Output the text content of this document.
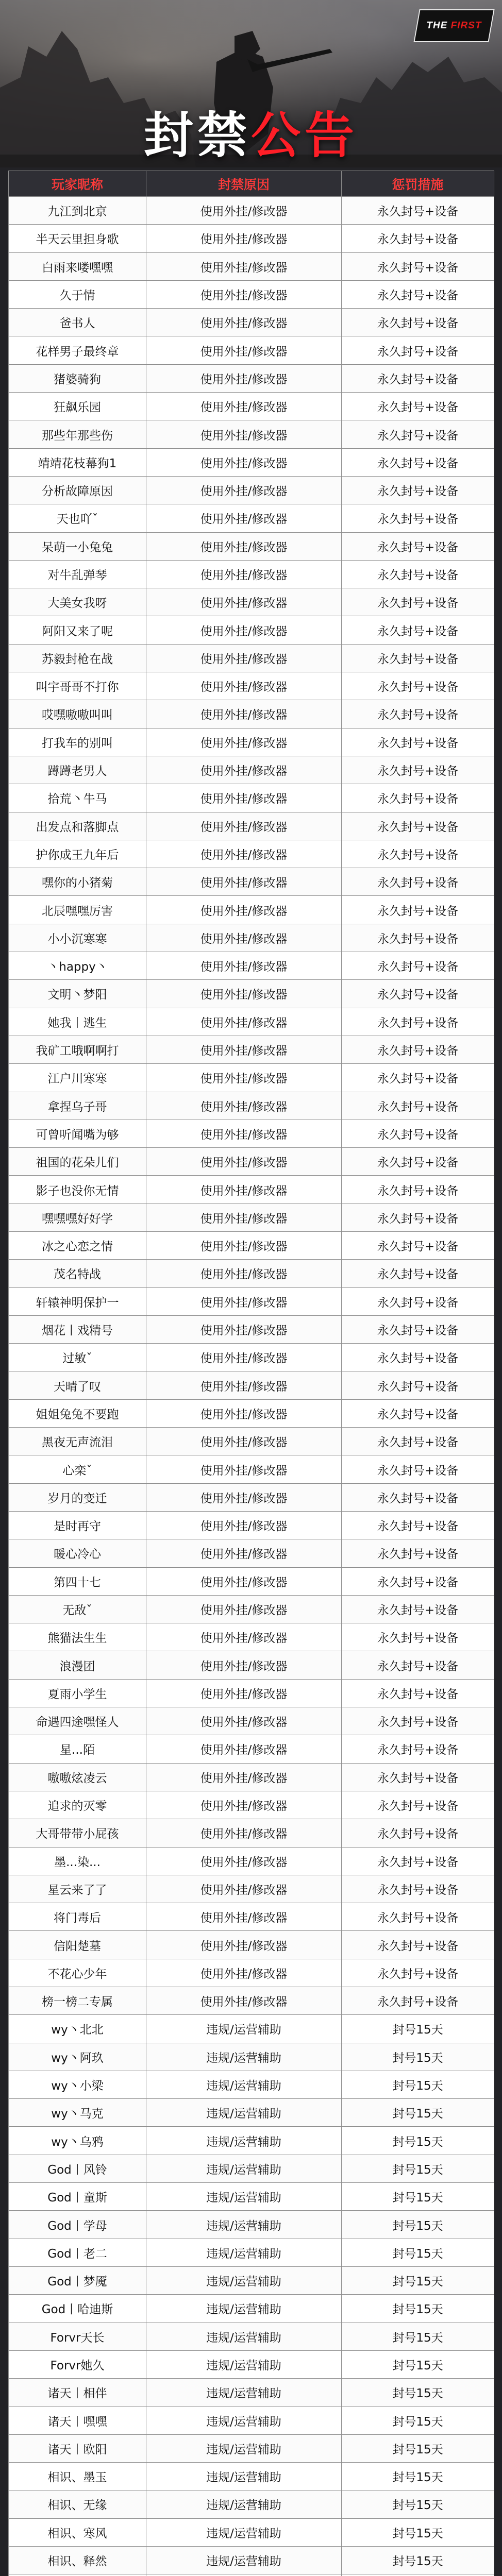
THE FIRST
封禁公告
玩家昵称	封禁原因	惩罚措施
九江到北京	使用外挂/修改器	永久封号+设备
半天云里担身歌	使用外挂/修改器	永久封号+设备
白雨来喽嘿嘿	使用外挂/修改器	永久封号+设备
久于情	使用外挂/修改器	永久封号+设备
爸书人	使用外挂/修改器	永久封号+设备
花样男子最终章	使用外挂/修改器	永久封号+设备
猪婆骑狗	使用外挂/修改器	永久封号+设备
狂飙乐园	使用外挂/修改器	永久封号+设备
那些年那些伤	使用外挂/修改器	永久封号+设备
靖靖花枝幕狗1	使用外挂/修改器	永久封号+设备
分析故障原因	使用外挂/修改器	永久封号+设备
天也吖ˇ	使用外挂/修改器	永久封号+设备
呆萌一小兔兔	使用外挂/修改器	永久封号+设备
对牛乱弹琴	使用外挂/修改器	永久封号+设备
大美女我呀	使用外挂/修改器	永久封号+设备
阿阳又来了呢	使用外挂/修改器	永久封号+设备
苏毅封枪在战	使用外挂/修改器	永久封号+设备
叫宇哥哥不打你	使用外挂/修改器	永久封号+设备
哎嘿嗷嗷叫叫	使用外挂/修改器	永久封号+设备
打我车的别叫	使用外挂/修改器	永久封号+设备
蹲蹲老男人	使用外挂/修改器	永久封号+设备
拾荒丶牛马	使用外挂/修改器	永久封号+设备
出发点和落脚点	使用外挂/修改器	永久封号+设备
护你成王九年后	使用外挂/修改器	永久封号+设备
嘿你的小猪菊	使用外挂/修改器	永久封号+设备
北辰嘿嘿厉害	使用外挂/修改器	永久封号+设备
小小沉寒寒	使用外挂/修改器	永久封号+设备
丶happy丶	使用外挂/修改器	永久封号+设备
文明丶梦阳	使用外挂/修改器	永久封号+设备
她我丨逃生	使用外挂/修改器	永久封号+设备
我矿工哦啊啊打	使用外挂/修改器	永久封号+设备
江户川寒寒	使用外挂/修改器	永久封号+设备
拿捏乌子哥	使用外挂/修改器	永久封号+设备
可曾听闻嘴为够	使用外挂/修改器	永久封号+设备
祖国的花朵儿们	使用外挂/修改器	永久封号+设备
影子也没你无情	使用外挂/修改器	永久封号+设备
嘿嘿嘿好好学	使用外挂/修改器	永久封号+设备
冰之心恋之情	使用外挂/修改器	永久封号+设备
茂名特战	使用外挂/修改器	永久封号+设备
轩辕神明保护一	使用外挂/修改器	永久封号+设备
烟花丨戏精号	使用外挂/修改器	永久封号+设备
过敏ˇ	使用外挂/修改器	永久封号+设备
天晴了叹	使用外挂/修改器	永久封号+设备
姐姐兔兔不要跑	使用外挂/修改器	永久封号+设备
黑夜无声流泪	使用外挂/修改器	永久封号+设备
心栾ˇ	使用外挂/修改器	永久封号+设备
岁月的变迁	使用外挂/修改器	永久封号+设备
是时再守	使用外挂/修改器	永久封号+设备
暖心冷心	使用外挂/修改器	永久封号+设备
第四十七	使用外挂/修改器	永久封号+设备
无敌ˇ	使用外挂/修改器	永久封号+设备
熊猫法生生	使用外挂/修改器	永久封号+设备
浪漫团	使用外挂/修改器	永久封号+设备
夏雨小学生	使用外挂/修改器	永久封号+设备
命遇四途嘿怪人	使用外挂/修改器	永久封号+设备
星...陌	使用外挂/修改器	永久封号+设备
嗷嗷炫凌云	使用外挂/修改器	永久封号+设备
追求的灭零	使用外挂/修改器	永久封号+设备
大哥带带小屁孩	使用外挂/修改器	永久封号+设备
墨...染...	使用外挂/修改器	永久封号+设备
星云来了了	使用外挂/修改器	永久封号+设备
将门毒后	使用外挂/修改器	永久封号+设备
信阳楚墓	使用外挂/修改器	永久封号+设备
不花心少年	使用外挂/修改器	永久封号+设备
榜一榜二专属	使用外挂/修改器	永久封号+设备
wy丶北北	违规/运营辅助	封号15天
wy丶阿玖	违规/运营辅助	封号15天
wy丶小梁	违规/运营辅助	封号15天
wy丶马克	违规/运营辅助	封号15天
wy丶乌鸦	违规/运营辅助	封号15天
God丨风铃	违规/运营辅助	封号15天
God丨童斯	违规/运营辅助	封号15天
God丨学母	违规/运营辅助	封号15天
God丨老二	违规/运营辅助	封号15天
God丨梦魇	违规/运营辅助	封号15天
God丨哈迪斯	违规/运营辅助	封号15天
Forvr天长	违规/运营辅助	封号15天
Forvr她久	违规/运营辅助	封号15天
诸天丨相伴	违规/运营辅助	封号15天
诸天丨嘿嘿	违规/运营辅助	封号15天
诸天丨欧阳	违规/运营辅助	封号15天
相识、墨玉	违规/运营辅助	封号15天
相识、无缘	违规/运营辅助	封号15天
相识、寒风	违规/运营辅助	封号15天
相识、释然	违规/运营辅助	封号15天
